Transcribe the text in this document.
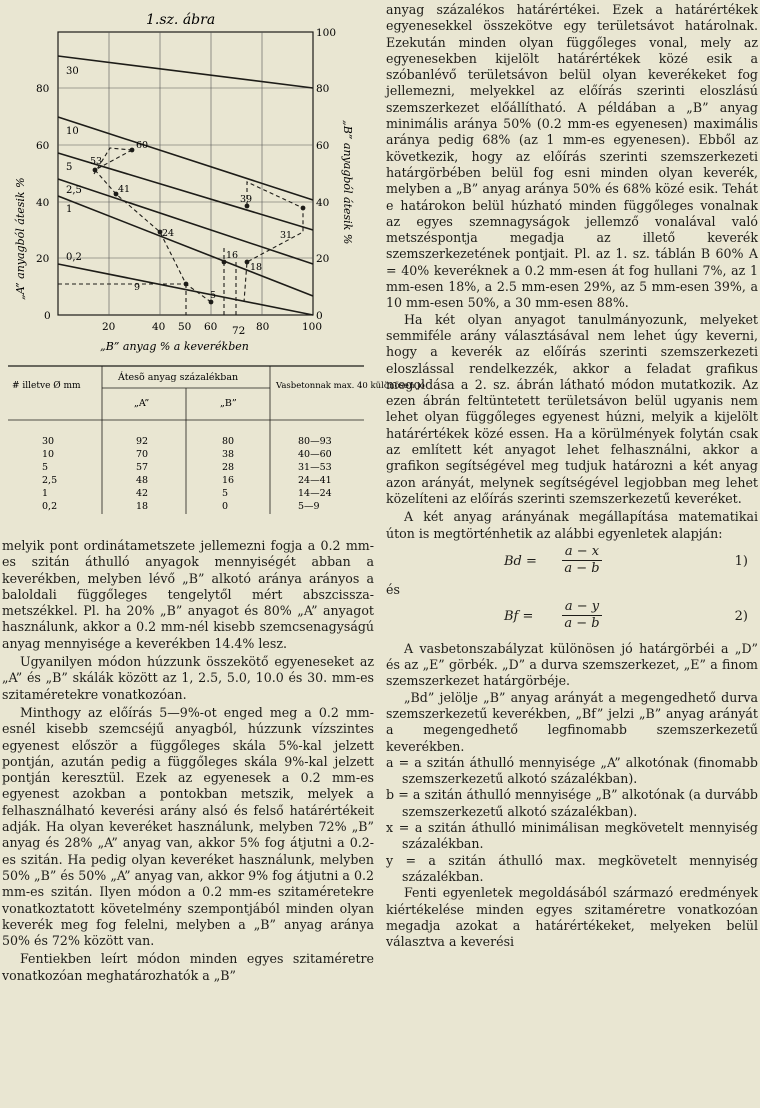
1.sz. ábra
30
10
5
2,5
1
0,2
60
53
41
24
9
39
31
18
16
5
80
60
40
20
0
100
80
60
40
20
0
20	40 50 60 72 80	100
„A” anyagból átesik %	„B” anyagból átesik %
„B” anyag % a keverékben
# illetve Ø mm
Átesõ anyag százalékban
„A”	„B”
Vasbetonnak max. 40 különösen jó
30	92	80	80—93
10	70	38	40—60
5	57	28	31—53
2,5	48	16	24—41
1	42	5	14—24
0,2	18	0	5—9

melyik pont ordinátametszete jellemezni fogja a 0.2 mm-es szitán áthulló anyagok mennyiségét abban a keverékben, melyben lévő „B” alkotó aránya arányos a baloldali függőleges tengelytől mért abszcissza-metszékkel. Pl. ha 20% „B” anyagot és 80% „A” anyagot használunk, akkor a 0.2 mm-nél kisebb szemcsenagyságú anyag mennyisége a keverékben 14.4% lesz.

Ugyanilyen módon húzzunk összekötő egyeneseket az „A” és „B” skálák között az 1, 2.5, 5.0, 10.0 és 30. mm-es szitaméretekre vonatkozóan.

Minthogy az előírás 5—9%-ot enged meg a 0.2 mm-esnél kisebb szemcséjű anyagból, húzzunk vízszintes egyenest először a függőleges skála 5%-kal jelzett pontján, azután pedig a függőleges skála 9%-kal jelzett pontján keresztül. Ezek az egyenesek a 0.2 mm-es egyenest azokban a pontokban metszik, melyek a felhasználható keverési arány alsó és felső határértékeit adják. Ha olyan keveréket használunk, melyben 72% „B” anyag és 28% „A” anyag van, akkor 5% fog átjutni a 0.2-es szitán. Ha pedig olyan keveréket használunk, melyben 50% „B” és 50% „A” anyag van, akkor 9% fog átjutni a 0.2 mm-es szitán. Ilyen módon a 0.2 mm-es szitaméretekre vonatkoztatott követelmény szempontjából minden olyan keverék meg fog felelni, melyben a „B” anyag aránya 50% és 72% között van.

Fentiekben leírt módon minden egyes szitaméretre vonatkozóan meghatározhatók a „B”

anyag százalékos határértékei. Ezek a határértékek egyenesekkel összekötve egy területsávot határolnak. Ezekután minden olyan függőleges vonal, mely az egyenesekben kijelölt határértékek közé esik a szóbanlévő területsávon belül olyan keverékeket fog jellemezni, melyekkel az előírás szerinti eloszlású szemszerkezet előállítható. A példában a „B” anyag minimális aránya 50% (0.2 mm-es egyenesen) maximális aránya pedig 68% (az 1 mm-es egyenesen). Ebből az következik, hogy az előírás szerinti szemszerkezeti határgörbében belül fog esni minden olyan keverék, melyben a „B” anyag aránya 50% és 68% közé esik. Tehát e határokon belül húzható minden függőleges vonalnak az egyes szemnagyságok jellemző vonalával való metszéspontja megadja az illető keverék szemszerkezetének pontjait. Pl. az 1. sz. táblán B 60% A = 40% keveréknek a 0.2 mm-esen át fog hullani 7%, az 1 mm-esen 18%, a 2.5 mm-esen 29%, az 5 mm-esen 39%, a 10 mm-esen 50%, a 30 mm-esen 88%.

Ha két olyan anyagot tanulmányozunk, melyeket semmiféle arány választásával nem lehet úgy keverni, hogy a keverék az előírás szerinti szemszerkezeti eloszlással rendelkezzék, akkor a feladat grafikus megoldása a 2. sz. ábrán látható módon mutatkozik. Az ezen ábrán feltüntetett területsávon belül ugyanis nem lehet olyan függőleges egyenest húzni, melyik a kijelölt határértékek közé essen. Ha a körülmények folytán csak az említett két anyagot lehet felhasználni, akkor a grafikon segítségével meg tudjuk határozni a két anyag azon arányát, melynek segítségével legjobban meg lehet közelíteni az előírás szerinti szemszerkezetű keveréket.

A két anyag arányának megállapítása matematikai úton is megtörténhetik az alábbi egyenletek alapján:

$Bd = \frac{a - x}{a - b}$	1)

és

$Bf = \frac{a - y}{a - b}$	2)

A vasbetonszabályzat különösen jó határgörbéi a „D” és az „E” görbék. „D” a durva szemszerkezet, „E” a finom szemszerkezet határgörbéje.

„Bd” jelölje „B” anyag arányát a megengedhető durva szemszerkezetű keverékben, „Bf” jelzi „B” anyag arányát a megengedhető legfinomabb szemszerkezetű keverékben.

a = a szitán áthulló mennyisége „A” alkotónak (finomabb szemszerkezetű alkotó százalékban).

b = a szitán áthulló mennyisége „B” alkotónak (a durvább szemszerkezetű alkotó százalékban).

x = a szitán áthulló minimálisan megkövetelt mennyiség százalékban.

y = a szitán áthulló max. megkövetelt mennyiség százalékban.

Fenti egyenletek megoldásából származó eredmények kiértékelése minden egyes szitaméretre vonatkozóan megadja azokat a határértékeket, melyeken belül választva a keverési
